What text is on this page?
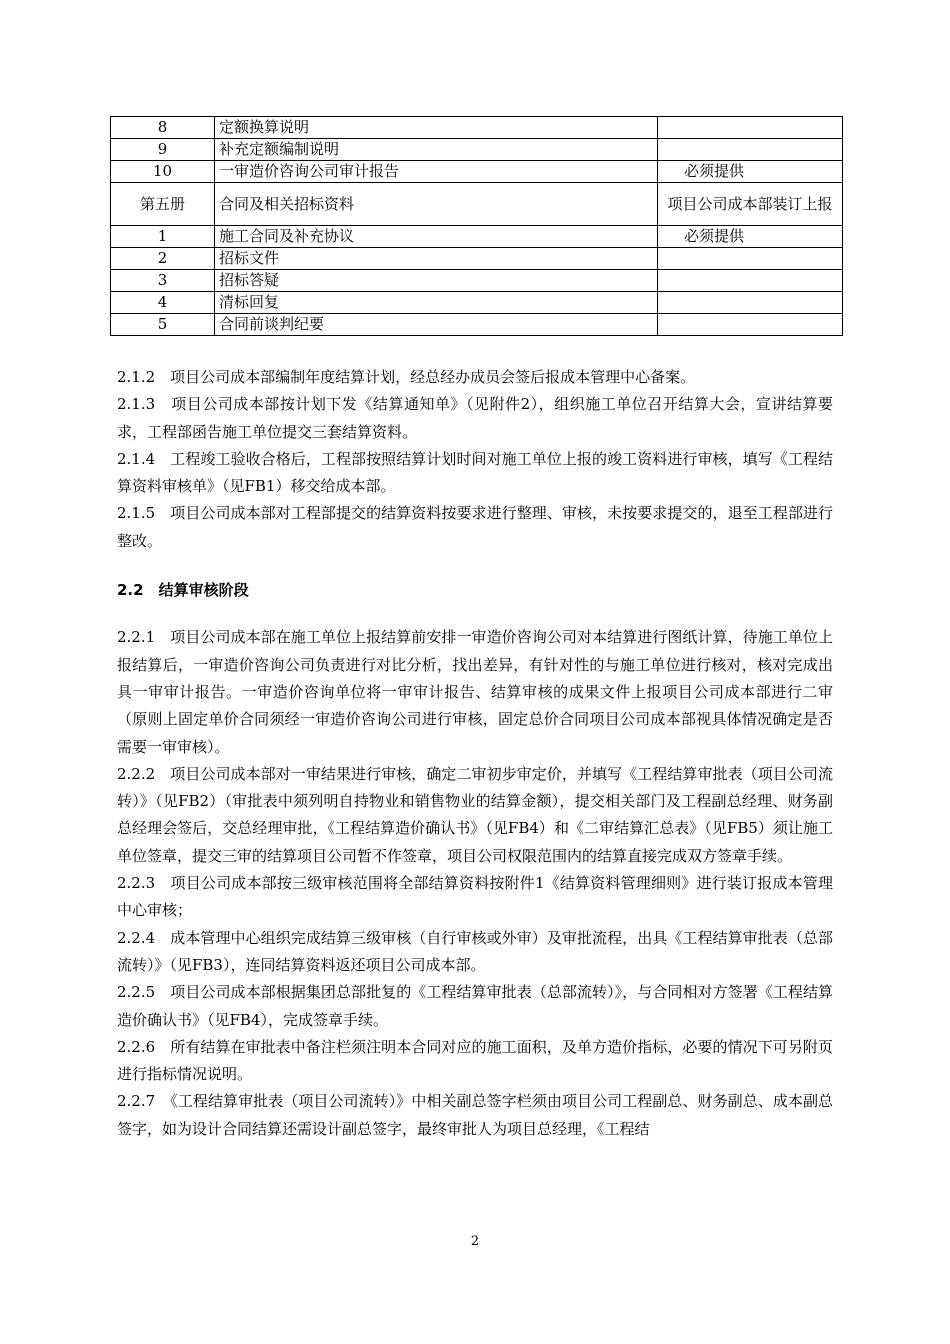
8	定额换算说明	
9	补充定额编制说明	
10	一审造价咨询公司审计报告	必须提供
第五册	合同及相关招标资料	项目公司成本部装订上报
1	施工合同及补充协议	必须提供
2	招标文件	
3	招标答疑	
4	清标回复	
5	合同前谈判纪要	

2.1.2　项目公司成本部编制年度结算计划，经总经办成员会签后报成本管理中心备案。

2.1.3　项目公司成本部按计划下发《结算通知单》（见附件2），组织施工单位召开结算大会，宣讲结算要求，工程部函告施工单位提交三套结算资料。

2.1.4　工程竣工验收合格后，工程部按照结算计划时间对施工单位上报的竣工资料进行审核，填写《工程结算资料审核单》（见FB1）移交给成本部。

2.1.5　项目公司成本部对工程部提交的结算资料按要求进行整理、审核，未按要求提交的，退至工程部进行整改。

2.2　结算审核阶段

2.2.1　项目公司成本部在施工单位上报结算前安排一审造价咨询公司对本结算进行图纸计算，待施工单位上报结算后，一审造价咨询公司负责进行对比分析，找出差异，有针对性的与施工单位进行核对，核对完成出具一审审计报告。一审造价咨询单位将一审审计报告、结算审核的成果文件上报项目公司成本部进行二审（原则上固定单价合同须经一审造价咨询公司进行审核，固定总价合同项目公司成本部视具体情况确定是否需要一审审核）。

2.2.2　项目公司成本部对一审结果进行审核，确定二审初步审定价，并填写《工程结算审批表（项目公司流转）》（见FB2）（审批表中须列明自持物业和销售物业的结算金额），提交相关部门及工程副总经理、财务副总经理会签后，交总经理审批，《工程结算造价确认书》（见FB4）和《二审结算汇总表》（见FB5）须让施工单位签章，提交三审的结算项目公司暂不作签章，项目公司权限范围内的结算直接完成双方签章手续。

2.2.3　项目公司成本部按三级审核范围将全部结算资料按附件1《结算资料管理细则》进行装订报成本管理中心审核；

2.2.4　成本管理中心组织完成结算三级审核（自行审核或外审）及审批流程，出具《工程结算审批表（总部流转）》（见FB3），连同结算资料返还项目公司成本部。

2.2.5　项目公司成本部根据集团总部批复的《工程结算审批表（总部流转）》，与合同相对方签署《工程结算造价确认书》（见FB4），完成签章手续。

2.2.6　所有结算在审批表中备注栏须注明本合同对应的施工面积，及单方造价指标，必要的情况下可另附页进行指标情况说明。

2.2.7　《工程结算审批表（项目公司流转）》中相关副总签字栏须由项目公司工程副总、财务副总、成本副总签字，如为设计合同结算还需设计副总签字，最终审批人为项目总经理，《工程结

2
